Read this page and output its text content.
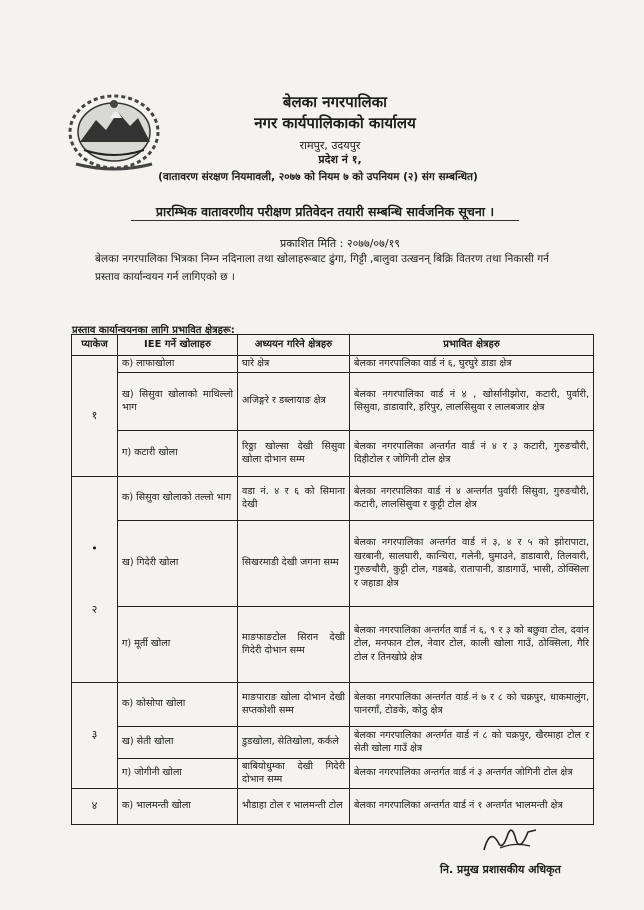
बेलका नगरपालिका
नगर कार्यपालिकाको कार्यालय
रामपुर, उदयपुर
प्रदेश नं १,
(वातावरण संरक्षण नियमावली, २०७७ को नियम ७ को उपनियम (२) संग सम्बन्धित)
प्रारम्भिक वातावरणीय परीक्षण प्रतिवेदन तयारी सम्बन्धि सार्वजनिक सूचना ।
प्रकाशित मिति : २०७७/०७/१९
बेलका नगरपालिका भित्रका निम्न नदिनाला तथा खोलाहरूबाट ढुंगा, गिट्टी ,बालुवा उत्खनन् बिक्रि वितरण तथा निकासी गर्न प्रस्ताव कार्यान्वयन गर्न लागिएको छ ।
प्रस्ताव कार्यान्वयनका लागि प्रभावित क्षेत्रहरू:
प्याकेज	IEE गर्ने खोलाहरु	अध्ययन गरिने क्षेत्रहरु	प्रभावित क्षेत्रहरु
१	क) लाफाखोला	घारे क्षेत्र	बेलका नगरपालिका वार्ड नं ६, घुरघुरे डाडा क्षेत्र
	ख) सिसुवा खोलाको माथिल्लो भाग	अजिङ्गरे र डब्लायाङ क्षेत्र	बेलका नगरपालिका वार्ड नं ४ , खोर्सानीझोरा, कटारी, पुर्वारी, सिसुवा, डाडावारि, हरिपुर, लालसिसुवा र लालबजार क्षेत्र
	ग) कटारी खोला	रिठ्ठा खोल्सा देखी सिसुवा खोला दोभान सम्म	बेलका नगरपालिका अन्तर्गत वार्ड नं ४ र ३ कटारी, गुरुङचौरी, दिहीटोल र जोगिनी टोल क्षेत्र

•
२	क) सिसुवा खोलाको तल्लो भाग	वडा नं. ४ र ६ को सिमाना देखी	बेलका नगरपालिका वार्ड नं ४ अन्तर्गत पुर्वारी सिसुवा, गुरुङचौरी, कटारी, लालसिसुवा र कुट्टी टोल क्षेत्र
	ख) गिदेरी खोला	सिखरमाडी देखी जगना सम्म	बेलका नगरपालिका अन्तर्गत वार्ड नं ३, ४ र ५ को झोरापाटा, खरबानी, सालघारी, कान्चिरा, गलेनी, घुमाउने, डाडावारी, तिलवारी, गुरुङचौरी, कुट्टी टोल, गडबढे, रातापानी, डाडागाउँ, भासी, ठोक्सिला र जहाडा क्षेत्र
	ग) मूर्ती खोला	माङफाङटोल सिरान देखी गिदेरी दोभान सम्म	बेलका नगरपालिका अन्तर्गत वार्ड नं ६, ९ र ३ को बछुवा टोल, दवांन टोल, मनफान टोल, नेवार टोल, काली खोला गाउँ, ठोक्सिला, गैरि टोल र तिनखोप्रे क्षेत्र
३	क) कोसोपा खोला	माङपाराङ खोला दोभान देखी सप्तकोशी सम्म	बेलका नगरपालिका अन्तर्गत वार्ड नं ७ र ८ को चक्रपुर, धाकमालुंग, पानरगाँ, टोङके, कोठु क्षेत्र
	ख) सेती खोला	डुडखोला, सेतिखोला, कर्कले	बेलका नगरपालिका अन्तर्गत वार्ड नं ८ को चक्रपुर, खैरमाहा टोल र सेती खोला गाउँ क्षेत्र
	ग) जोगीनी खोला	बाबियोधुम्का देखी गिदेरी दोभान सम्म	बेलका नगरपालिका अन्तर्गत वार्ड नं ३ अन्तर्गत जोगिनी टोल क्षेत्र
४	क) भालमन्ती खोला	भौडाहा टोल र भालमन्ती टोल	बेलका नगरपालिका अन्तर्गत वार्ड नं १ अन्तर्गत भालमन्ती क्षेत्र
नि. प्रमुख प्रशासकीय अधिकृत
